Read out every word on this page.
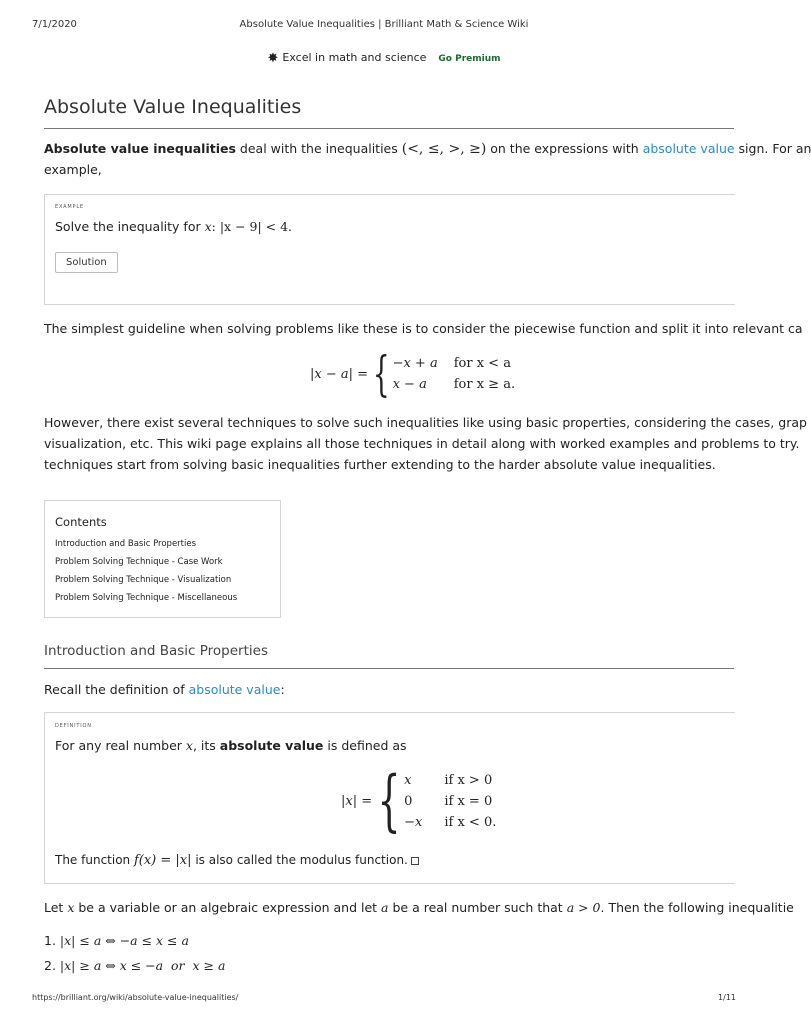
7/1/2020	Absolute Value Inequalities | Brilliant Math & Science Wiki
✸ Excel in math and science Go Premium
Absolute Value Inequalities
Absolute value inequalities deal with the inequalities (<, ≤, >, ≥) on the expressions with absolute value sign. For an
example,
EXAMPLE
Solve the inequality for x: |x − 9| < 4.
Solution
The simplest guideline when solving problems like these is to consider the piecewise function and split it into relevant ca
|x − a| = { −x + a	for x < a
x − a	for x ≥ a.
However, there exist several techniques to solve such inequalities like using basic properties, considering the cases, grap
visualization, etc. This wiki page explains all those techniques in detail along with worked examples and problems to try.
techniques start from solving basic inequalities further extending to the harder absolute value inequalities.
Contents
Introduction and Basic Properties
Problem Solving Technique - Case Work
Problem Solving Technique - Visualization
Problem Solving Technique - Miscellaneous
Introduction and Basic Properties
Recall the definition of absolute value:
DEFINITION
For any real number x, its absolute value is defined as
|x| = { x	if x > 0
0	if x = 0
−x	if x < 0.
The function f(x) = |x| is also called the modulus function.
Let x be a variable or an algebraic expression and let a be a real number such that a > 0. Then the following inequalitie
1. |x| ≤ a ⇔ −a ≤ x ≤ a
2. |x| ≥ a ⇔ x ≤ −a  or  x ≥ a
https://brilliant.org/wiki/absolute-value-inequalities/	1/11
